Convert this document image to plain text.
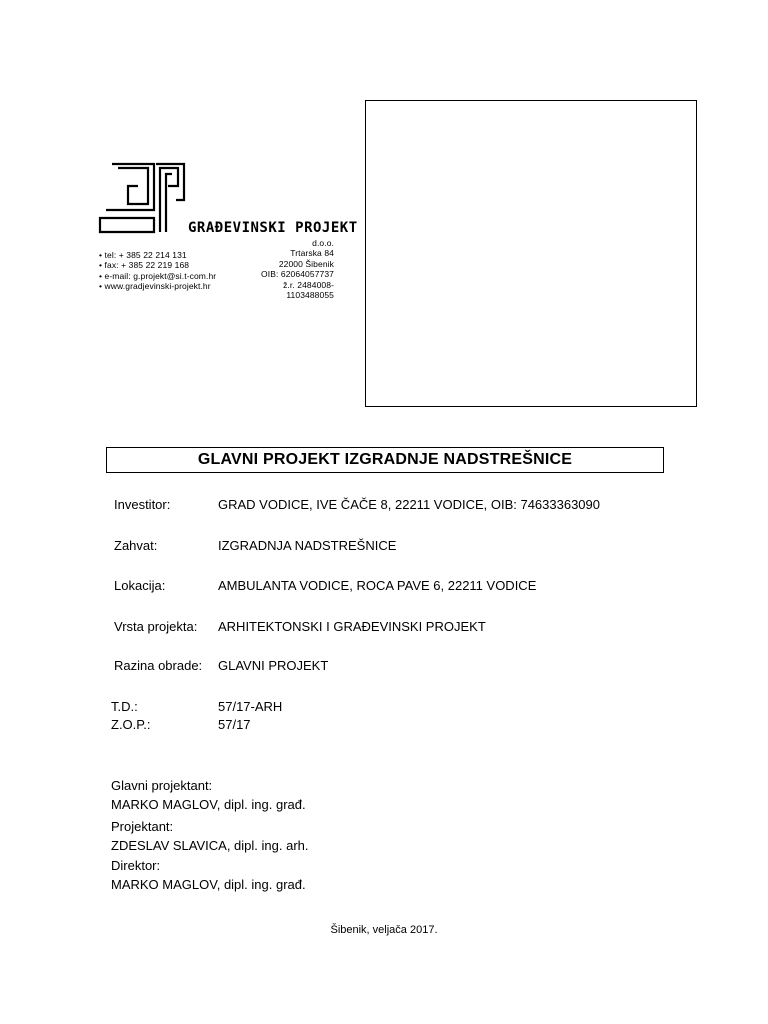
GRAĐEVINSKI PROJEKT
• tel: + 385 22 214 131
• fax: + 385 22 219 168
• e-mail: g.projekt@si.t-com.hr
• www.gradjevinski-projekt.hr
d.o.o.
Trtarska 84
22000 Šibenik
OIB: 62064057737
ž.r. 2484008-1103488055
GLAVNI PROJEKT IZGRADNJE NADSTREŠNICE
Investitor:	GRAD VODICE, IVE ČAČE 8, 22211 VODICE, OIB: 74633363090
Zahvat:	IZGRADNJA NADSTREŠNICE
Lokacija:	AMBULANTA VODICE, ROCA PAVE 6, 22211 VODICE
Vrsta projekta: ARHITEKTONSKI I GRAĐEVINSKI PROJEKT
Razina obrade: GLAVNI PROJEKT
T.D.:	57/17-ARH
Z.O.P.:	57/17
Glavni projektant:
MARKO MAGLOV, dipl. ing. građ.
Projektant:
ZDESLAV SLAVICA, dipl. ing. arh.
Direktor:
MARKO MAGLOV, dipl. ing. građ.
Šibenik, veljača 2017.
